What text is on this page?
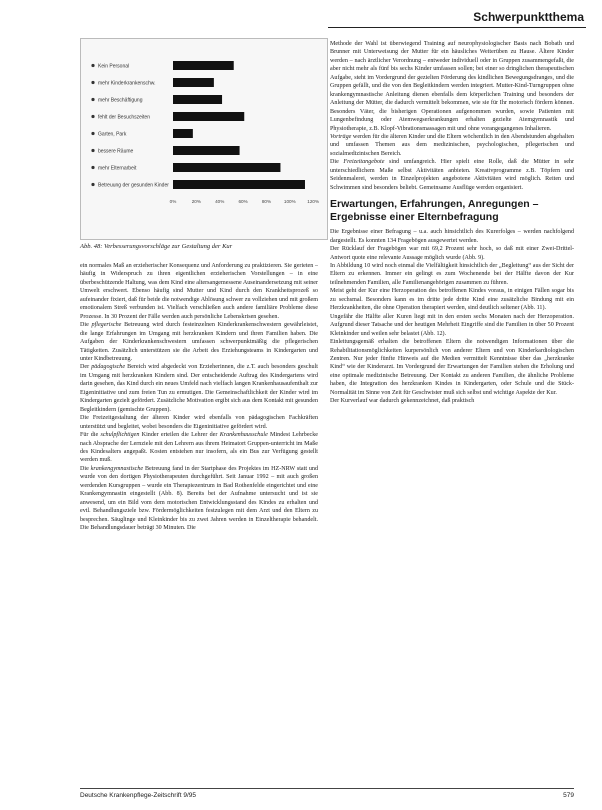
Schwerpunktthema
Kein Personal
mehr Kinderkrankenschw.
mehr Beschäftigung
fehlt der Besuchszeiten
Garten, Park
bessere Räume
mehr Elternarbeit
Betreuung der gesunden Kinder
0%	20%	40%	60%	80%	100%	120%
Abb. 48: Verbesserungsvorschläge zur Gestaltung der Kur

ein normales Maß an erzieherischer Konsequenz und Anforderung zu praktizieren. Sie gerieten – häufig in Widerspruch zu ihren eigentlichen erzieherischen Vorstellungen – in eine überbeschützende Haltung, was dem Kind eine altersangemessene Auseinandersetzung mit seiner Umwelt erschwert. Ebenso häufig sind Mutter und Kind durch den Krankheitsprozeß so aufeinander fixiert, daß für beide die notwendige Ablösung schwer zu vollziehen und mit großem emotionalem Streß verbunden ist. Vielfach verschließen auch andere familiäre Probleme diese Prozesse. In 30 Prozent der Fälle werden auch persönliche Lebenskrisen gesehen.

Die pflegerische Betreuung wird durch festeinzelnen Kinderkrankenschwestern gewährleistet, die lange Erfahrungen im Umgang mit herzkranken Kindern und ihren Familien haben. Die Aufgaben der Kinderkrankenschwestern umfassen schwerpunktmäßig die pflegerischen Tätigkeiten. Zusätzlich unterstützen sie die Arbeit des Erziehungsteams in Kindergarten und unter Kindbetreuung.

Der pädagogische Bereich wird abgedeckt von Erzieherinnen, die z.T. auch besonders geschult im Umgang mit herzkranken Kindern sind. Der entscheidende Auftrag des Kindergartens wird darin gesehen, das Kind durch ein neues Umfeld nach vielfach langen Krankenhausaufenthalt zur Eigeninitiative und zum freien Tun zu ermutigen. Die Gemeinschaftlichkeit der Kinder wird im Kindergarten gezielt gefördert. Zusätzliche Motivation ergibt sich aus dem Kontakt mit gesunden Begleitkindern (gemischte Gruppen).

Die Freizeitgestaltung der älteren Kinder wird ebenfalls von pädagogischen Fachkräften unterstützt und begleitet, wobei besonders die Eigeninitiative gefördert wird.

Für die schulpflichtigen Kinder erteilen die Lehrer der Krankenhausschule Mindest Lehrbecke nach Absprache der Lernziele mit den Lehrern aus ihrem Heimatort Gruppen-unterricht im Maße des Kindesalters angepaßt. Kosten entstehen nur insofern, als ein Bus zur Verfügung gestellt werden muß.

Die krankengymnastische Betreuung fand in der Startphase des Projektes im HZ-NRW statt und wurde von den dortigen Physiotherapeuten durchgeführt. Seit Januar 1992 – mit auch großen werdenden Kursgruppen – wurde ein Therapiezentrum in Bad Rothenfelde eingerichtet und eine Krankengymnastin eingestellt (Abb. 8). Bereits bei der Aufnahme untersucht und ist sie anwesend, um ein Bild vom dem motorischen Entwicklungsstand des Kindes zu erhalten und evtl. Behandlungsziele bzw. Fördermöglichkeiten festzulegen mit dem Arzt und den Eltern zu besprechen. Säuglinge und Kleinkinder bis zu zwei Jahren werden in Einzeltherapie behandelt. Die Behandlungsdauer beträgt 30 Minuten. Die

Methode der Wahl ist überwiegend Training auf neurophysiologischer Basis nach Bobath und Brunner mit Unterweisung der Mutter für ein häusliches Weiterüben zu Hause. Ältere Kinder werden – nach ärztlicher Verordnung – entweder individuell oder in Gruppen zusammengefaßt, die aber nicht mehr als fünf bis sechs Kinder umfassen sollen; bei einer so dringlichen therapeutischen Aufgabe, steht im Vordergrund der gezielten Förderung des kindlichen Bewegungsdranges, und die Gruppen gefällt, und die von den Begleitkindern werden integriert. Mutter-Kind-Turngruppen ohne krankengymnastische Anleitung dienen ebenfalls dem körperlichen Training und besonders der Anleitung der Mütter, die dadurch vermittelt bekommen, wie sie für Ihr motorisch fördern können. Besonders Väter, die bisherigen Operationen aufgenommen wurden, sowie Patienten mit Lungenbefindung oder Atemwegserkrankungen erhalten gezielte Atemgymnastik und Physiotherapie, z.B. Klopf-Vibrationsmassagen mit und ohne vorangegangenes Inhalieren.

Vorträge werden für die älteren Kinder und die Eltern wöchentlich in den Abendstunden abgehalten und umfassen Themen aus dem medizinischen, psychologischen, pflegerischen und sozialmedizinischen Bereich.

Die Freizeitangebote sind umfangreich. Hier spielt eine Rolle, daß die Mütter in sehr unterschiedlichem Maße selbst Aktivitäten anbieten. Kreativprogramme z.B. Töpfern und Seidenmalerei, werden in Einzelprojekten angebotene Aktivitäten wird möglich. Reiten und Schwimmen sind besonders beliebt. Gemeinsame Ausflüge werden organisiert.

Erwartungen, Erfahrungen, Anregungen – Ergebnisse einer Elternbefragung

Die Ergebnisse einer Befragung – u.a. auch hinsichtlich des Kurerfolges – werden nachfolgend dargestellt. Es konnten 134 Fragebögen ausgewertet werden.

Der Rücklauf der Fragebögen war mit 69,2 Prozent sehr hoch, so daß mit einer Zwei-Drittel-Antwort quote eine relevante Aussage möglich wurde (Abb. 9).

In Abbildung 10 wird noch einmal die Vielfältigkeit hinsichtlich der „Begleitung“ aus der Sicht der Eltern zu erkennen. Immer ein gelingt es zum Wochenende bei der Hälfte davon der Kur teilnehmenden Familien, alle Familienangehörigen zusammen zu führen.

Meist geht der Kur eine Herzoperation des betroffenen Kindes voraus, in einigen Fällen sogar bis zu sechsmal. Besonders kann es im dritte jede dritte Kind eine zusätzliche Bindung mit ein Herzkrankheiten, die ohne Operation therapiert werden, sind deutlich seltener (Abb. 11).

Ungefähr die Hälfte aller Kuren liegt mit in den ersten sechs Monaten nach der Herzoperation. Aufgrund dieser Tatsache und der heutigen Mehrheit Eingriffe sind die Familien in über 50 Prozent Kleinkinder und weilen sehr belastet (Abb. 12).

Einleitungsgemäß erhalten die betroffenen Eltern die notwendigen Informationen über die Rehabilitationsmöglichkeiten kurpersönlich von anderer Eltern und von Kinderkardiologischen Zentren. Nur jeder fünfte Hinweis auf die Medien vermittelt Kenntnisse über das „herzkranke Kind“ wie der Kinderarzt. Im Vordergrund der Erwartungen der Familien stehen die Erholung und eine optimale medizinische Betreuung. Der Kontakt zu anderen Familien, die ähnliche Probleme haben, die Integration des herzkranken Kindes in Kindergarten, oder Schule und die Stück- Normalität im Sinne von Zeit für Geschwister muß sich selbst und wichtige Aspekte der Kur.

Der Kurverlauf war dadurch gekennzeichnet, daß praktisch

Deutsche Krankenpflege-Zeitschrift 9/95	579
